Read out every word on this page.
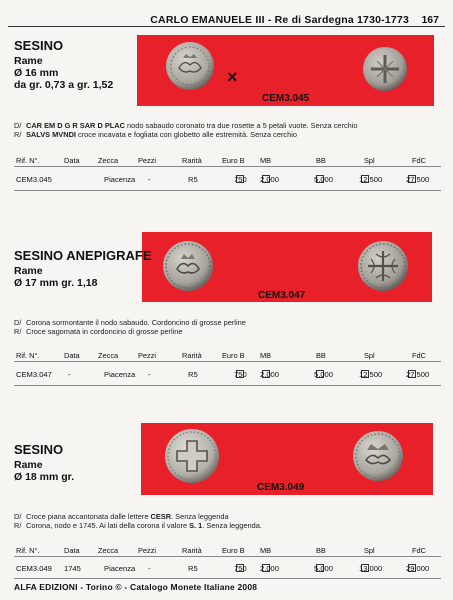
CARLO EMANUELE III - Re di Sardegna 1730-1773 167
×
CEM3.045
SESINO
Rame
Ø 16 mm
da gr. 0,73 a gr. 1,52
D/ CAR EM D G R SAR D PLAC nodo sabaudo coronato tra due rosette a 5 petali vuote. Senza cerchio
R/ SALVS MVNDI croce incavata e fogliata con globetto alle estremità. Senza cerchio
Rif. N°.	Data Zecca	Pezzi	Rarità	Euro B MB	BB	Spl	FdC
CEM3.045	Piacenza -	R5	750 2.000	5.000	12.500	27.500
CEM3.047
SESINO ANEPIGRAFE
Rame
Ø 17 mm gr. 1,18
D/ Corona sormontante il nodo sabaudo. Cordoncino di grosse perline
R/ Croce sagomata in cordoncino di grosse perline
Rif. N°.	Data Zecca	Pezzi	Rarità	Euro B MB	BB	Spl	FdC
CEM3.047 -	Piacenza -	R5	750 2.000	5.000	12.500	27.500
CEM3.049
SESINO
Rame
Ø 18 mm gr.
D/ Croce piana accantonata dalle lettere CESR. Senza leggenda
R/ Corona, nodo e 1745. Ai lati della corona il valore S. 1. Senza leggenda.
Rif. N°.	Data Zecca	Pezzi	Rarità	Euro B MB	BB	Spl	FdC
CEM3.049 1745	Piacenza -	R5	750 2.000	5.000	13.000	29.000
ALFA EDIZIONI - Torino © - Catalogo Monete Italiane 2008
